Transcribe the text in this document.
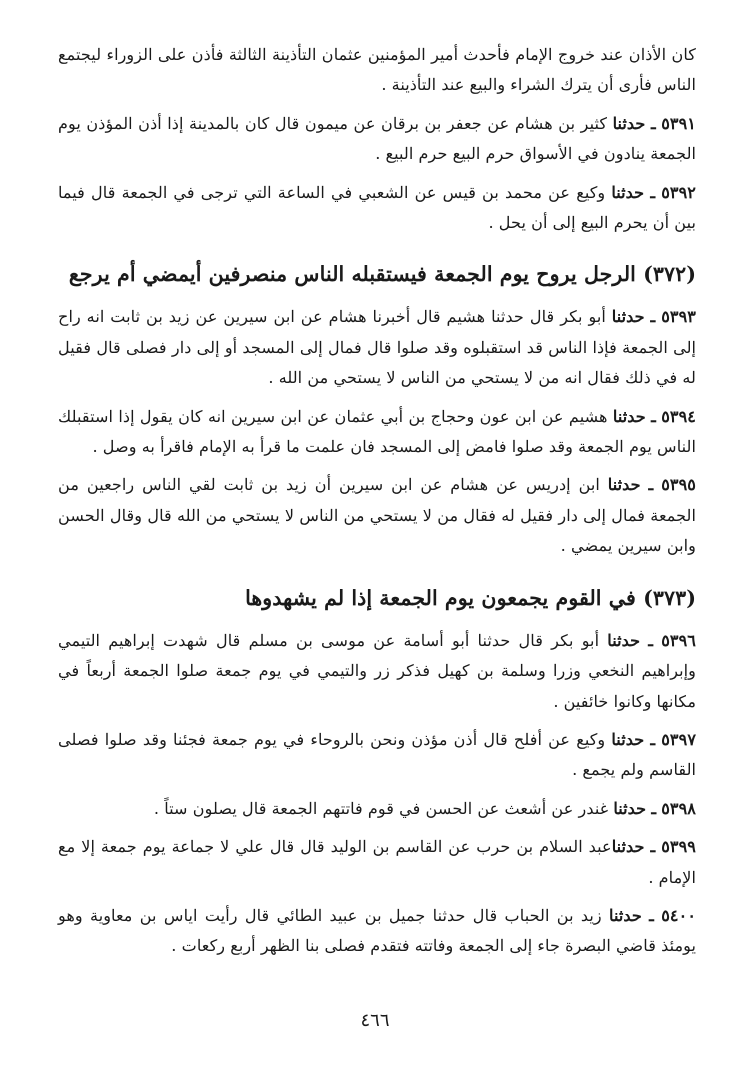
كان الأذان عند خروج الإمام فأحدث أمير المؤمنين عثمان التأذينة الثالثة فأذن على الزوراء ليجتمع الناس فأرى أن يترك الشراء والبيع عند التأذينة .

٥٣٩١ ـ حدثنا كثير بن هشام عن جعفر بن برقان عن ميمون قال كان بالمدينة إذا أذن المؤذن يوم الجمعة ينادون في الأسواق حرم البيع حرم البيع .

٥٣٩٢ ـ حدثنا وكيع عن محمد بن قيس عن الشعبي في الساعة التي ترجى في الجمعة قال فيما بين أن يحرم البيع إلى أن يحل .

(٣٧٢) الرجل يروح يوم الجمعة فيستقبله الناس منصرفين أيمضي أم يرجع

٥٣٩٣ ـ حدثنا أبو بكر قال حدثنا هشيم قال أخبرنا هشام عن ابن سيرين عن زيد بن ثابت انه راح إلى الجمعة فإذا الناس قد استقبلوه وقد صلوا قال فمال إلى المسجد أو إلى دار فصلى قال فقيل له في ذلك فقال انه من لا يستحي من الناس لا يستحي من الله .

٥٣٩٤ ـ حدثنا هشيم عن ابن عون وحجاج بن أبي عثمان عن ابن سيرين انه كان يقول إذا استقبلك الناس يوم الجمعة وقد صلوا فامض إلى المسجد فان علمت ما قرأ به الإمام فاقرأ به وصل .

٥٣٩٥ ـ حدثنا ابن إدريس عن هشام عن ابن سيرين أن زيد بن ثابت لقي الناس راجعين من الجمعة فمال إلى دار فقيل له فقال من لا يستحي من الناس لا يستحي من الله قال وقال الحسن وابن سيرين يمضي .

(٣٧٣) في القوم يجمعون يوم الجمعة إذا لم يشهدوها

٥٣٩٦ ـ حدثنا أبو بكر قال حدثنا أبو أسامة عن موسى بن مسلم قال شهدت إبراهيم التيمي وإبراهيم النخعي وزرا وسلمة بن كهيل فذكر زر والتيمي في يوم جمعة صلوا الجمعة أربعاً في مكانها وكانوا خائفين .

٥٣٩٧ ـ حدثنا وكيع عن أفلح قال أذن مؤذن ونحن بالروحاء في يوم جمعة فجئنا وقد صلوا فصلى القاسم ولم يجمع .

٥٣٩٨ ـ حدثنا غندر عن أشعث عن الحسن في قوم فاتتهم الجمعة قال يصلون ستاً .

٥٣٩٩ ـ حدثناعبد السلام بن حرب عن القاسم بن الوليد قال قال علي لا جماعة يوم جمعة إلا مع الإمام .

٥٤٠٠ ـ حدثنا زيد بن الحباب قال حدثنا جميل بن عبيد الطائي قال رأيت اياس بن معاوية وهو يومئذ قاضي البصرة جاء إلى الجمعة وفاتته فتقدم فصلى بنا الظهر أربع ركعات .

٤٦٦
